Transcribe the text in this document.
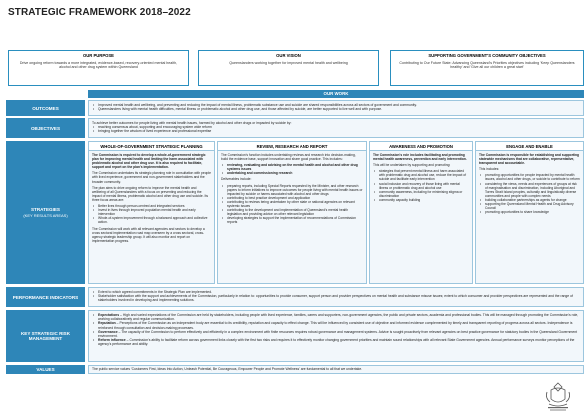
STRATEGIC FRAMEWORK 2018–2022
OUR PURPOSE
Drive ongoing reform towards a more integrated, evidence-based, recovery-oriented mental health, alcohol and other drug system within Queensland
OUR VISION
Queenslanders working together for improved mental health and wellbeing
SUPPORTING GOVERNMENT'S COMMUNITY OBJECTIVES
Contributing to Our Future State: Advancing Queensland's Priorities objectives including 'Keep Queenslanders healthy' and 'Give all our children a great start'
OUR WORK
OUTCOMES
• Improved mental health and wellbeing, and preventing and reducing the impact of mental illness, problematic substance use and suicide are shared responsibilities across all sectors of government and community.
• Queenslanders living with mental health difficulties, mental illness or problematic alcohol and other drug use, and those affected by suicide, are better supported to live well and with purpose.
OBJECTIVES
To achieve better outcomes for people living with mental health issues, harmed by alcohol and other drugs or impacted by suicide by:
• reaching consensus about, supporting and encouraging system wide reform
• bringing together the wisdom of lived experience and professional expertise
STRATEGIES
(KEY RESULTS AREAS)
WHOLE-OF-GOVERNMENT STRATEGIC PLANNING

The Commission is required to develop a whole-of-government strategic plan for improving mental health and limiting the harm associated with problematic alcohol and other drug use. It is also required to facilitate, support and report on the plan's implementation.

The Commission undertakes its strategic planning role in consultation with people with lived experience, government and non-government stakeholders and the broader community.

The plan aims to drive ongoing reform to improve the mental health and wellbeing of all Queenslanders with a focus on preventing and reducing the impact of mental illness, problematic alcohol and other drug use and suicide. Its three focus areas are:

• Better lives through person-centred and integrated services
• Invest in lives through improved population mental health and early intervention
• Whole-of-system improvement through a balanced approach and collective action.

The Commission will work with all relevant agencies and sectors to develop a cross sectoral implementation road map overseen by a cross sectoral, cross-agency strategic leadership group. It will also monitor and report on implementation progress.

REVIEW, RESEARCH AND REPORT

The Commission's function includes undertaking reviews and research into decision-making, build the evidence base, support innovation and share good practice. This includes:

• reviewing, evaluating and advising on the mental health and alcohol and other drug systems issues
• undertaking and commissioning research

Deliverables include:

• preparing reports, including Special Reports requested by the Minister, and other research papers to inform initiatives to improve outcomes for people living with mental health issues or impacted by suicide or harms associated with alcohol and other drugs
• contributing to best practice development and application
• contributing to reviews being undertaken by other state or national agencies on relevant systemic issues
• contributing to the development and implementation of Queensland's mental health legislation and providing advice on other relevant legislation
• developing strategies to support the implementation of recommendations of Commission reports
AWARENESS AND PROMOTION

The Commission's role includes facilitating and promoting mental health awareness, prevention and early intervention.

This will be undertaken by supporting and promoting:

• strategies that prevent mental illness and harm associated with problematic drug and alcohol use, reduce the impact of suicide and facilitate early intervention
• social inclusion and recovery of those living with mental illness or problematic drug and alcohol use
• community awareness, including for minimising stigma or discrimination
• community capacity building
ENGAGE AND ENABLE

The Commission is responsible for establishing and supporting statewide mechanisms that are collaborative, representative, transparent and accountable.

This includes:

• promoting opportunities for people impacted by mental health issues, alcohol and other drugs, or suicide to contribute to reform
• considering the views, needs and experiences of groups at risk of marginalisation and discrimination, including Aboriginal and Torres Strait Island peoples, culturally and linguistically diverse communities and people with complex needs
• building collaborative partnerships as agents for change
• supporting the Queensland Mental Health and Drug Advisory Council
• promoting opportunities to share knowledge
PERFORMANCE INDICATORS
• Extent to which agreed commitments in the Strategic Plan are implemented.
• Stakeholder satisfaction with the support and achievements of the Commission, particularly in relation to: opportunities to provide consumer, support person and provider perspectives on mental health and substance misuse issues; extent to which consumer and provider perspectives are represented and the range of stakeholders involved in developing and implementing solutions.
KEY STRATEGIC RISK MANAGEMENT
• Expectations – High and varied expectations of the Commission are held by stakeholders, including people with lived experience, families, carers and supporters, non-government agencies, the public and private sectors, academia and professional bodies. This will be managed through promoting the Commission's role, working collaboratively and regular communication.
• Reputation – Perceptions of the Commission as an independent body are essential to its credibility, reputation and capacity to effect change. This will be influenced by consistent use of objective and informed evidence complemented by timely and transparent reporting of progress across all sectors. Independence is reinforced through consultation and decision-making processes.
• Governance – The capacity of the Commission to perform effectively and efficiently in a complex environment with finite resources requires robust governance and management systems. Advice is sought proactively from relevant agencies on best practice governance for statutory bodies in the Queensland Government environment.
• Reform influence – Commission's ability to facilitate reform across government links closely with the first two risks and requires it to effectively monitor changing government priorities and maintain sound relationships with all relevant State Government agencies. Annual performance surveys monitor perceptions of the agency's performance and ability.
VALUES	The public service values 'Customers First, Ideas Into Action, Unleash Potential, Be Courageous, Empower People and Promote Wellness' are fundamental to all that we undertake.
